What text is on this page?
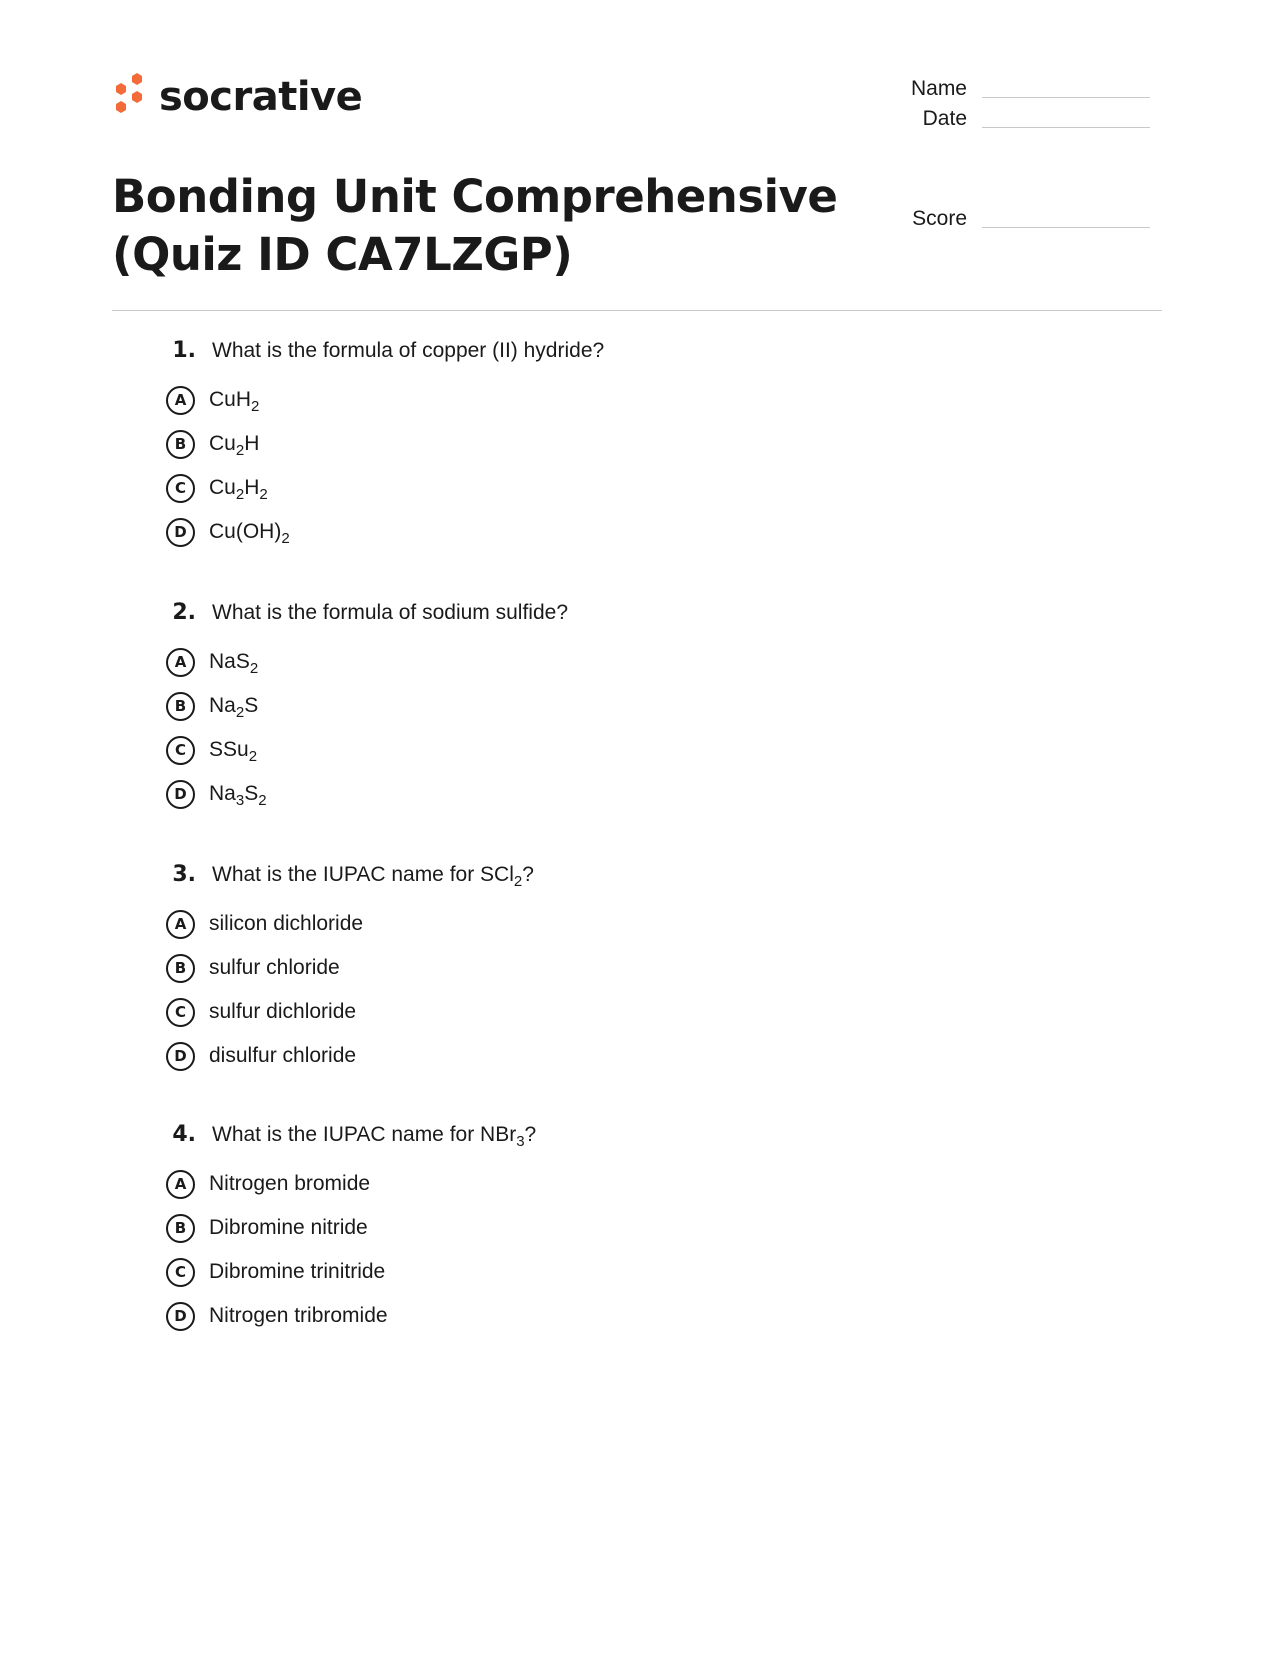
socrative	Name
Date
Score
Bonding Unit Comprehensive
(Quiz ID CA7LZGP)
1. What is the formula of copper (II) hydride?
A	CuH$_2$
B	$Cu_2H$
C	$Cu_2H_2$
D	$Cu(OH)_2$
2. What is the formula of sodium sulfide?
A	NaS$_2$
B	$Na_2S$
C	SSu$_2$
D	$Na_3S_2$
3. What is the IUPAC name for SCl$_2$?
A	silicon dichloride
B	sulfur chloride
C	sulfur dichloride
D	disulfur chloride
4. What is the IUPAC name for NBr$_3$?
A	Nitrogen bromide
B	Dibromine nitride
C	Dibromine trinitride
D	Nitrogen tribromide
